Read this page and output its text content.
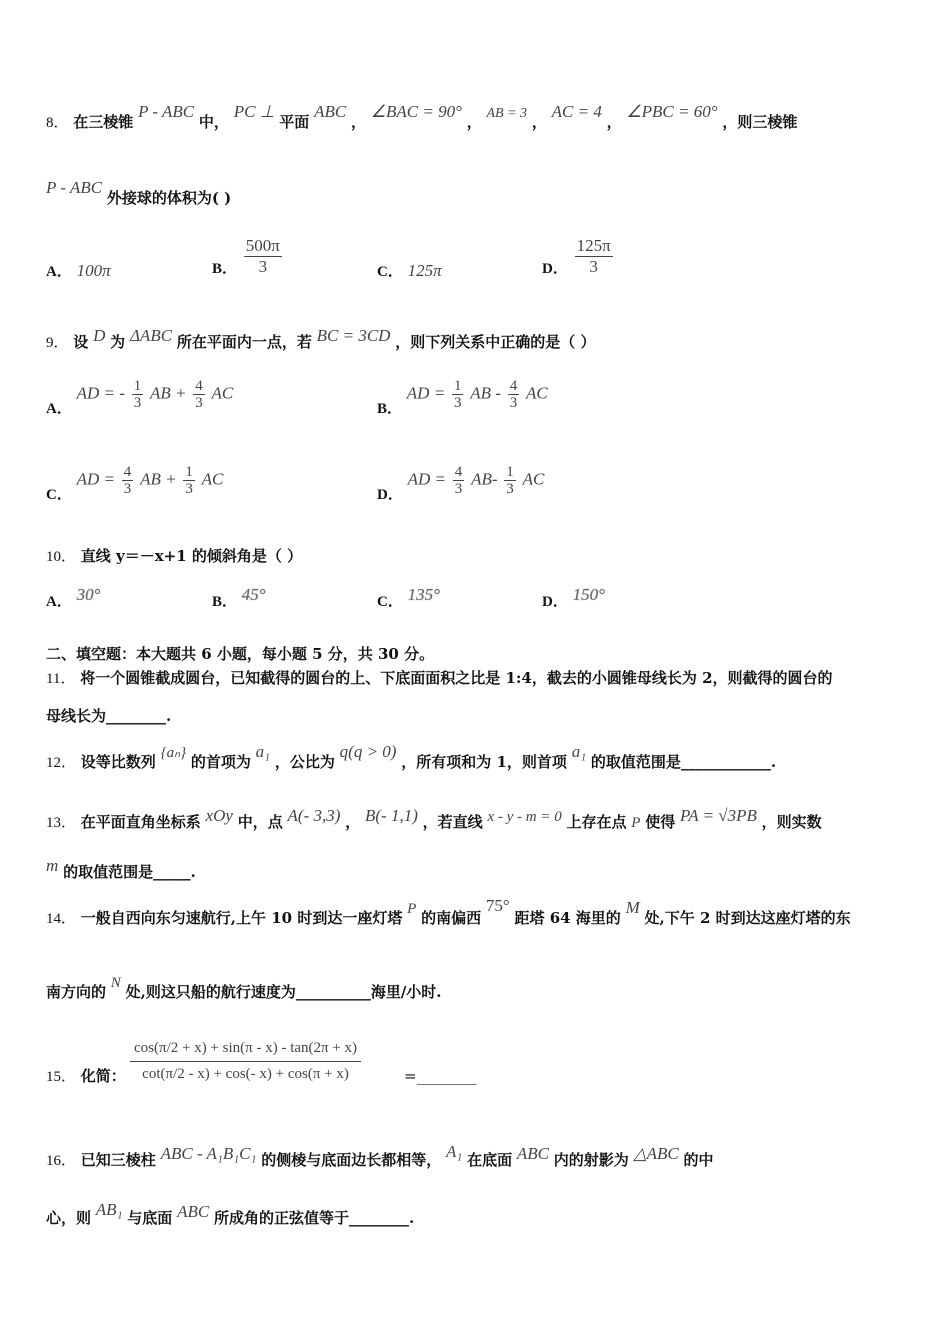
8． 在三棱锥 P - ABC 中， PC ⊥ 平面 ABC ， ∠BAC = 90° ， AB = 3 ， AC = 4 ， ∠PBC = 60° ，则三棱锥
P - ABC 外接球的体积为( )
A． 100π	B． $\frac{500\pi}{3}$	C． 125π	D． $\frac{125\pi}{3}$
9． 设 D 为 ΔABC 所在平面内一点，若 BC = 3CD ，则下列关系中正确的是（ ）
A． AD = - $\frac{1}{3}$ AB + $\frac{4}{3}$ AC
B． AD = $\frac{1}{3}$ AB - $\frac{4}{3}$ AC
C． AD = $\frac{4}{3}$ AB + $\frac{1}{3}$ AC
D． AD = $\frac{4}{3} AB- \frac{1}{3}$ AC
10． 直线 y＝－x+1 的倾斜角是（ ）
A． 30°	B． 45°	C． 135°	D． 150°
二、填空题：本大题共 6 小题，每小题 5 分，共 30 分。
11． 将一个圆锥截成圆台，已知截得的圆台的上、下底面面积之比是 1:4，截去的小圆锥母线长为 2，则截得的圆台的
母线长为________.
12． 设等比数列 {aₙ} 的首项为 a₁ ，公比为 q(q > 0) ，所有项和为 1，则首项 a₁ 的取值范围是____________.
13． 在平面直角坐标系 xOy 中，点 A(- 3,3) ， B(- 1,1) ，若直线 x - y - m = 0 上存在点 P 使得 PA = √3PB ，则实数
m 的取值范围是_____.
14． 一般自西向东匀速航行,上午 10 时到达一座灯塔 P 的南偏西 75° 距塔 64 海里的 M 处,下午 2 时到达这座灯塔的东
南方向的 N 处,则这只船的航行速度为__________海里/小时.
15． 化简： $\frac{\cos(\pi/2 + x) + \sin(\pi - x) - \tan(2\pi + x)}{\cot(\pi/2 - x) + \cos(- x) + \cos(\pi + x)}$	=________
16． 已知三棱柱 ABC - A₁B₁C₁ 的侧棱与底面边长都相等， A₁ 在底面 ABC 内的射影为 △ABC 的中
心，则 AB₁ 与底面 ABC 所成角的正弦值等于________.
